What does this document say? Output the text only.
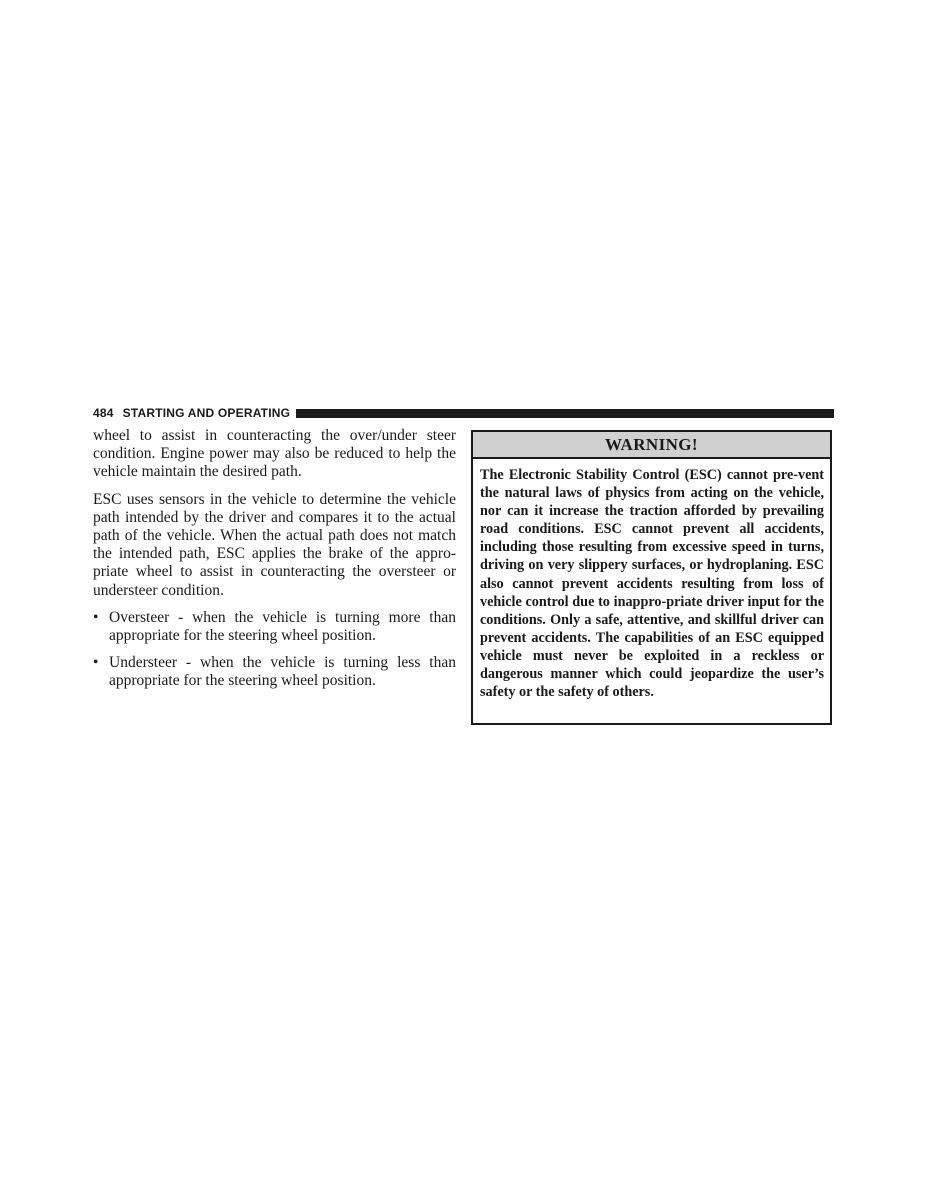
484 STARTING AND OPERATING

wheel to assist in counteracting the over/under steer condition. Engine power may also be reduced to help the vehicle maintain the desired path.

ESC uses sensors in the vehicle to determine the vehicle path intended by the driver and compares it to the actual path of the vehicle. When the actual path does not match the intended path, ESC applies the brake of the appro-priate wheel to assist in counteracting the oversteer or understeer condition.

• Oversteer - when the vehicle is turning more than appropriate for the steering wheel position.
• Understeer - when the vehicle is turning less than appropriate for the steering wheel position.
WARNING!
The Electronic Stability Control (ESC) cannot pre-vent the natural laws of physics from acting on the vehicle, nor can it increase the traction afforded by prevailing road conditions. ESC cannot prevent all accidents, including those resulting from excessive speed in turns, driving on very slippery surfaces, or hydroplaning. ESC also cannot prevent accidents resulting from loss of vehicle control due to inappro-priate driver input for the conditions. Only a safe, attentive, and skillful driver can prevent accidents. The capabilities of an ESC equipped vehicle must never be exploited in a reckless or dangerous manner which could jeopardize the user’s safety or the safety of others.
